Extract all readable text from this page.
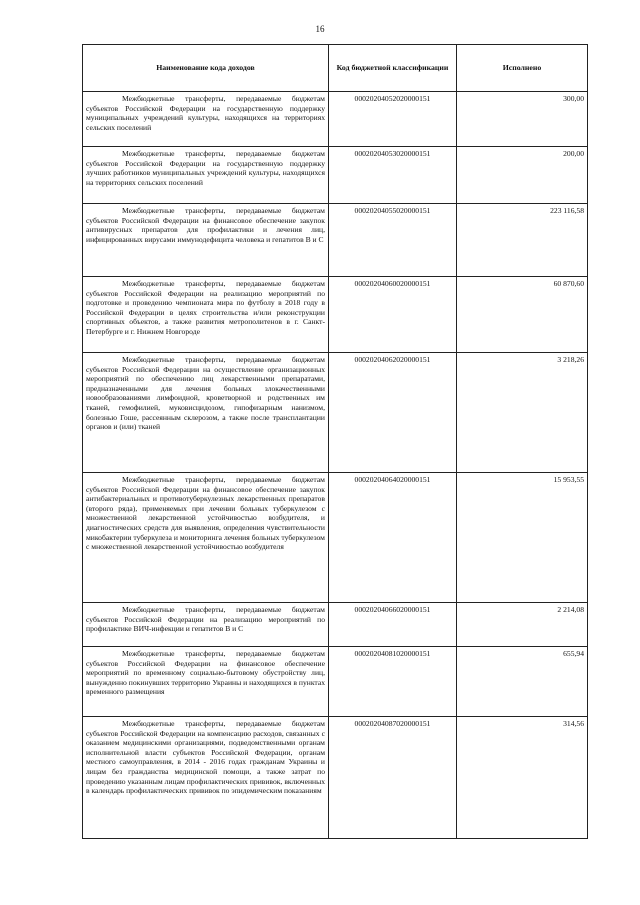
16
Наименование кода доходов	Код бюджетной классификации	Исполнено
Межбюджетные трансферты, передаваемые бюджетам субъектов Российской Федерации на государственную поддержку муниципальных учреждений культуры, находящихся на территориях сельских поселений	00020204052020000151	300,00
Межбюджетные трансферты, передаваемые бюджетам субъектов Российской Федерации на государственную поддержку лучших работников муниципальных учреждений культуры, находящихся на территориях сельских поселений	00020204053020000151	200,00
Межбюджетные трансферты, передаваемые бюджетам субъектов Российской Федерации на финансовое обеспечение закупок антивирусных препаратов для профилактики и лечения лиц, инфицированных вирусами иммунодефицита человека и гепатитов В и С	00020204055020000151	223 116,58
Межбюджетные трансферты, передаваемые бюджетам субъектов Российской Федерации на реализацию мероприятий по подготовке и проведению чемпионата мира по футболу в 2018 году в Российской Федерации в целях строительства и/или реконструкции спортивных объектов, а также развития метрополитенов в г. Санкт-Петербурге и г. Нижнем Новгороде	00020204060020000151	60 870,60
Межбюджетные трансферты, передаваемые бюджетам субъектов Российской Федерации на осуществление организационных мероприятий по обеспечению лиц лекарственными препаратами, предназначенными для лечения больных злокачественными новообразованиями лимфоидной, кроветворной и родственных им тканей, гемофилией, муковисцидозом, гипофизарным нанизмом, болезнью Гоше, рассеянным склерозом, а также после трансплантации органов и (или) тканей	00020204062020000151	3 218,26
Межбюджетные трансферты, передаваемые бюджетам субъектов Российской Федерации на финансовое обеспечение закупок антибактериальных и противотуберкулезных лекарственных препаратов (второго ряда), применяемых при лечении больных туберкулезом с множественной лекарственной устойчивостью возбудителя, и диагностических средств для выявления, определения чувствительности микобактерии туберкулеза и мониторинга лечения больных туберкулезом с множественной лекарственной устойчивостью возбудителя	00020204064020000151	15 953,55
Межбюджетные трансферты, передаваемые бюджетам субъектов Российской Федерации на реализацию мероприятий по профилактике ВИЧ-инфекции и гепатитов В и С	00020204066020000151	2 214,08
Межбюджетные трансферты, передаваемые бюджетам субъектов Российской Федерации на финансовое обеспечение мероприятий по временному социально-бытовому обустройству лиц, вынужденно покинувших территорию Украины и находящихся в пунктах временного размещения	00020204081020000151	655,94
Межбюджетные трансферты, передаваемые бюджетам субъектов Российской Федерации на компенсацию расходов, связанных с оказанием медицинскими организациями, подведомственными органам исполнительной власти субъектов Российской Федерации, органам местного самоуправления, в 2014 - 2016 годах гражданам Украины и лицам без гражданства медицинской помощи, а также затрат по проведению указанным лицам профилактических прививок, включенных в календарь профилактических прививок по эпидемическим показаниям	00020204087020000151	314,56
